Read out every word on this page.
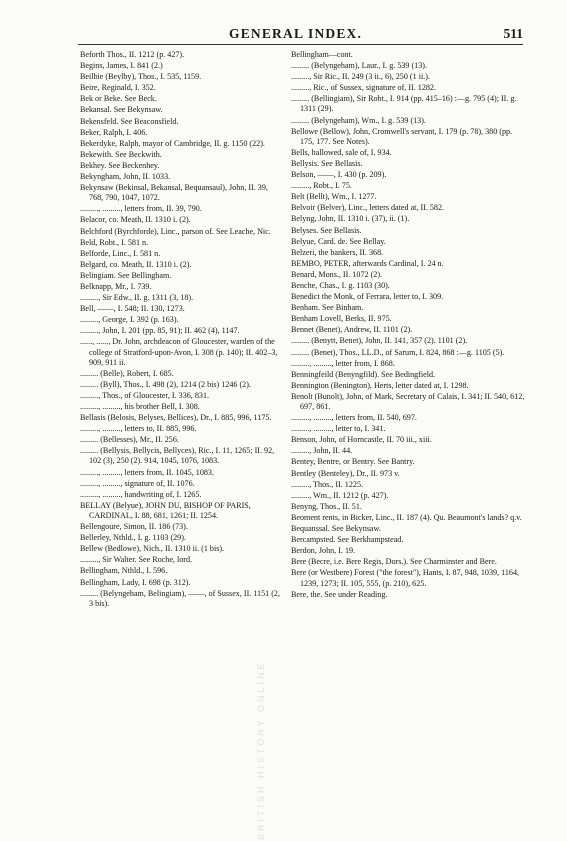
GENERAL INDEX.	511
BRITISH HISTORY ONLINE
Beforth Thos., II. 1212 (p. 427).
Begins, James, I. 841 (2.)
Beilbie (Beylby), Thos., I. 535, 1159.
Beire, Reginald, I. 352.
Bek or Beke. See Beck.
Bekansal. See Bekynsaw.
Bekensfeld. See Beaconsfield.
Beker, Ralph, I. 406.
Bekerdyke, Ralph, mayor of Cambridge, II. g. 1150 (22).
Bekewith. See Beckwith.
Bekhey. See Beckenhey.
Bekyngham, John, II. 1033.
Bekynsaw (Bekinsal, Bekansal, Bequansaul), John, II. 39, 768, 790, 1047, 1072.
........., ........., letters from, II. 39, 790.
Belacor, co. Meath, II. 1310 i. (2).
Belchford (Byrchforde), Linc., parson of. See Leache, Nic.
Beld, Robt., I. 581 n.
Belforde, Linc., I. 581 n.
Belgard, co. Meath, II. 1310 i. (2).
Belingiam. See Bellingham.
Belknapp, Mr., I. 739.
........., Sir Edw., II. g. 1311 (3, 18).
Bell, ——, I. 548; II. 130, 1273.
........., George, I. 392 (p. 163).
........., John, I. 201 (pp. 85, 91); II. 462 (4), 1147.
......, ......, Dr. John, archdeacon of Gloucester, warden of the college of Stratford-upon-Avon, I. 308 (p. 140); II. 402–3, 909, 911 ii.
......... (Belle), Robert, I. 685.
......... (Byll), Thos., I. 498 (2), 1214 (2 bis) 1246 (2).
........., Thos., of Gloucester, I. 336, 831.
........., ........., his brother Bell, I. 308.
Bellasis (Belosis, Belyses, Bellices), Dr., I. 885, 996, 1175.
........., ........., letters to, II. 885, 996.
......... (Bellesses), Mr., II. 256.
......... (Bellysis, Bellycis, Bellyces), Ric., I. 11, 1265; II. 92, 102 (3), 250 (2). 914, 1045, 1076, 1083.
........., ........., letters from, II. 1045, 1083.
........., ........., signature of, II. 1076.
........., ........., handwriting of, I. 1265.
BELLAY (Belyue), JOHN DU, BISHOP OF PARIS, CARDINAL, I. 88, 681, 1261; II. 1254.
Bellengoure, Simon, II. 186 (73).
Bellerley, Nthld., I. g. 1103 (29).
Bellew (Bedlowe), Nich., II. 1310 ii. (1 bis).
........., Sir Walter. See Roche, lord.
Bellingham, Nthld., I. 596.
Bellingham, Lady, I. 698 (p. 312).
......... (Belyngeham, Belingiam), ——, of Sussex, II. 1151 (2, 3 bis).
Bellingham—cont.
......... (Belyngeham), Laur., I. g. 539 (13).
........., Sir Ric., II. 249 (3 ii., 6), 250 (1 ii.).
........., Ric., of Sussex, signature of, II. 1282.
......... (Bellingiam), Sir Robt., I. 914 (pp. 415–16) :—g. 795 (4); II. g. 1311 (29).
......... (Belyngeham), Wm., I. g. 539 (13).
Bellowe (Bellow), John, Cromwell's servant, I. 179 (p. 78), 380 (pp. 175, 177. See Notes).
Bells, hallowed, sale of, I. 934.
Bellysis. See Bellasis.
Belson, ——, I. 430 (p. 209).
........., Robt., I. 75.
Belt (Bellt), Wm., I. 1277.
Belvoir (Belver), Linc., letters dated at, II. 582.
Belyng, John, II. 1310 i. (37), ii. (1).
Belyses. See Bellasis.
Belyue, Card. de. See Bellay.
Belzeri, the bankers, II. 368.
BEMBO, PETER, afterwards Cardinal, I. 24 n.
Benard, Mons., II. 1072 (2).
Benche, Chas., I. g. 1103 (30).
Benedict the Monk, of Ferrara, letter to, I. 309.
Benham. See Binham.
Benham Lovell, Berks, II. 975.
Bennet (Benet), Andrew, II. 1101 (2).
......... (Benytt, Benet), John, II. 141, 357 (2). 1101 (2).
......... (Benet), Thos., LL.D., of Sarum, I. 824, 868 :—g. 1105 (5).
........., ........., letter from, I. 868.
Benningfeild (Benyngfild). See Bedingfield.
Bennington (Benington), Herts, letter dated at, I. 1298.
Benolt (Bunolt), John, of Mark, Secretary of Calais, I. 341; II. 540, 612, 697, 861.
........., ........., letters from, II. 540, 697.
........., ........., letter to, I. 341.
Benson, John, of Horncastle, II. 70 iii., xiii.
........., John, II. 44.
Bentey, Bentre, or Bentry. See Bantry.
Bentley (Benteley), Dr., II. 973 v.
........., Thos., II. 1225.
........., Wm., II. 1212 (p. 427).
Benyng, Thos., II. 51.
Beoment rents, in Bicker, Linc., II. 187 (4). Qu. Beaumont's lands? q.v.
Bequanssal. See Bekynsaw.
Bercampsted. See Berkhampstead.
Berdon, John, I. 19.
Bere (Becre, i.e. Bere Regis, Dors.). See Charminster and Bere.
Bere (or Westbere) Forest ("the forest"), Hants, I. 87, 948, 1039, 1164, 1239, 1273; II. 105, 555, (p. 210), 625.
Bere, the. See under Reading.
